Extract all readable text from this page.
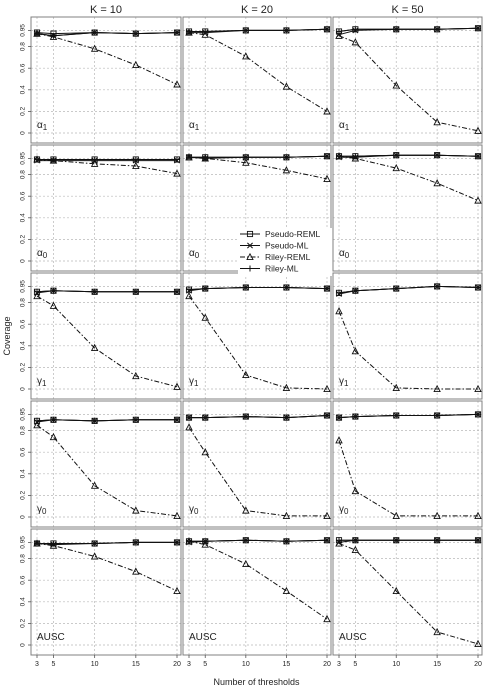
K = 10	K = 20	K = 50
$\alpha_1$	$\alpha_1$	$\alpha_1$
0
0.2
0.4
0.6
0.8
0.95
$\alpha_0$	$\alpha_0$	$\alpha_0$
0
0.2
0.4
0.6
0.8
0.95
$\gamma_1$	$\gamma_1$	$\gamma_1$
0
0.2
0.4
0.6
0.8
0.95
$\gamma_0$	$\gamma_0$	$\gamma_0$
0
0.2
0.4
0.6
0.8
0.95
AUSC	AUSC	AUSC
0
0.2
0.4
0.6
0.8
0.95
3 5	10	15	20 3 5	10	15	20 3 5	10	15	20
Coverage
Number of thresholds
Pseudo-REML
Pseudo-ML
Riley-REML
Riley-ML
